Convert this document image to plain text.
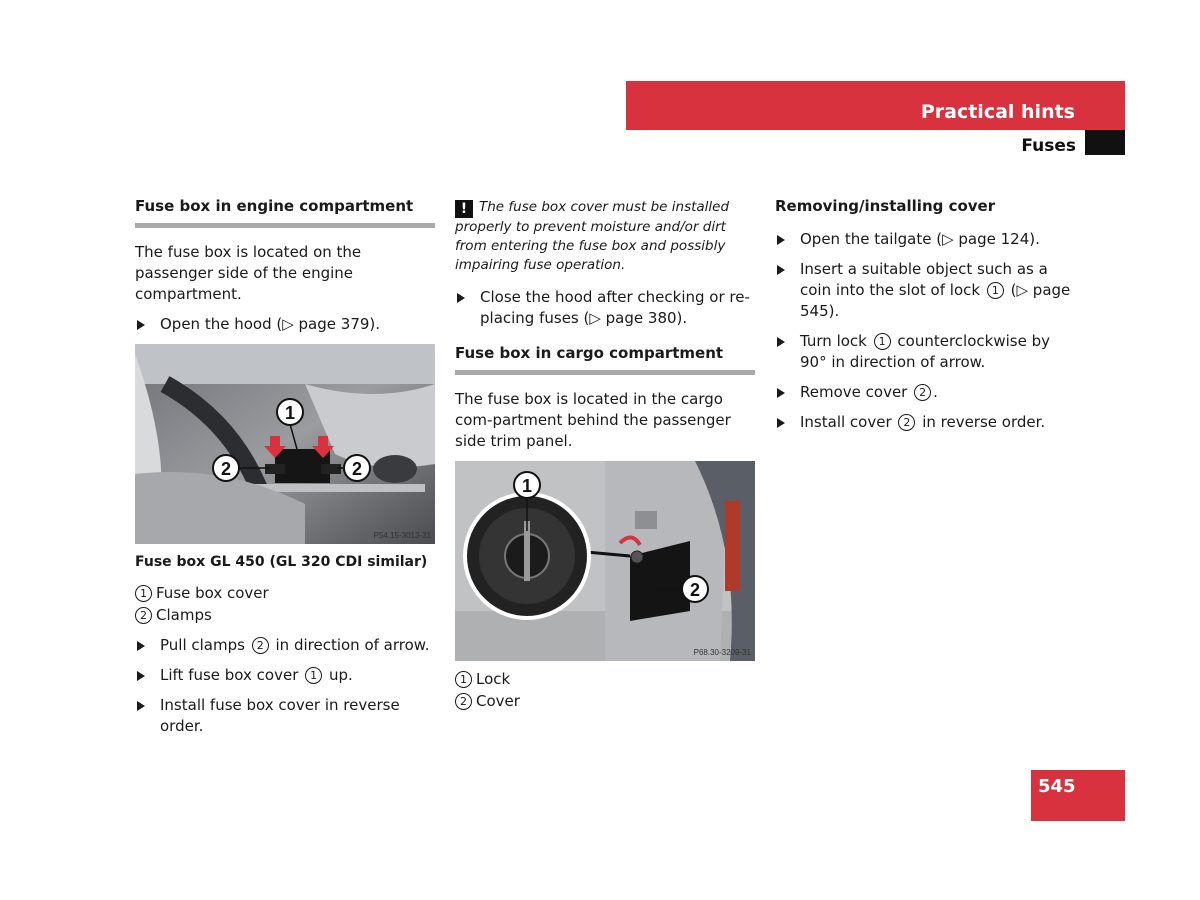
Practical hints
Fuses
Fuse box in engine compartment

The fuse box is located on the passenger side of the engine compartment.

Open the hood (▷ page 379).
1
2	2
P54.15-3013-31
Fuse box GL 450 (GL 320 CDI similar)
1 Fuse box cover
2 Clamps
Pull clamps 2 in direction of arrow.
Lift fuse box cover 1 up.
Install fuse box cover in reverse order.
! The fuse box cover must be installed properly to prevent moisture and/or dirt from entering the fuse box and possibly impairing fuse operation.
Close the hood after checking or re-placing fuses (▷ page 380).
Fuse box in cargo compartment

The fuse box is located in the cargo com-partment behind the passenger side trim panel.

1
2
P68.30-3209-31
1 Lock
2 Cover
Removing/installing cover
Open the tailgate (▷ page 124).
Insert a suitable object such as a coin into the slot of lock 1 (▷ page 545).
Turn lock 1 counterclockwise by 90° in direction of arrow.
Remove cover 2 .
Install cover 2 in reverse order.
545
